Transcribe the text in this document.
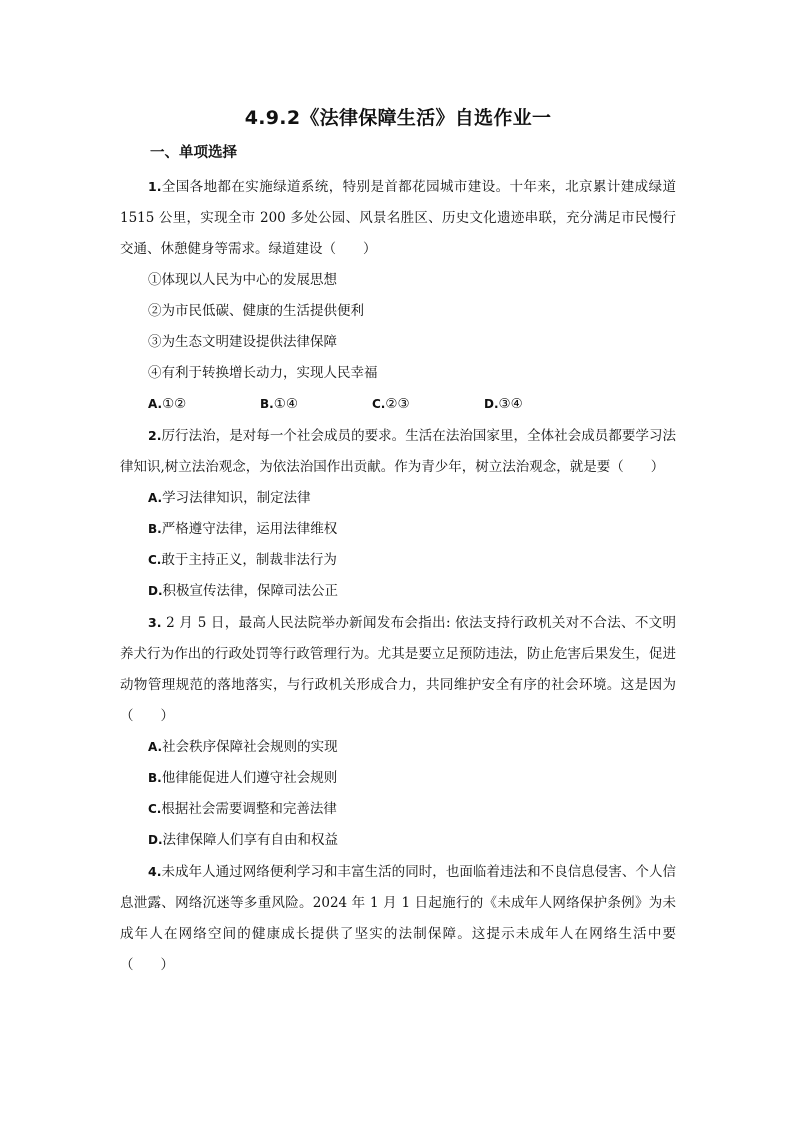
4.9.2《法律保障生活》自选作业一
一、单项选择

1.全国各地都在实施绿道系统，特别是首都花园城市建设。十年来，北京累计建成绿道 1515 公里，实现全市 200 多处公园、风景名胜区、历史文化遗迹串联，充分满足市民慢行交通、休憩健身等需求。绿道建设（　　）

①体现以人民为中心的发展思想

②为市民低碳、健康的生活提供便利

③为生态文明建设提供法律保障

④有利于转换增长动力，实现人民幸福

A.①②	B.①④	C.②③	D.③④

2.厉行法治，是对每一个社会成员的要求。生活在法治国家里，全体社会成员都要学习法律知识,树立法治观念，为依法治国作出贡献。作为青少年，树立法治观念，就是要（　　）

A.学习法律知识，制定法律

B.严格遵守法律，运用法律维权

C.敢于主持正义，制裁非法行为

D.积极宣传法律，保障司法公正

3. 2 月 5 日，最高人民法院举办新闻发布会指出: 依法支持行政机关对不合法、不文明养犬行为作出的行政处罚等行政管理行为。尤其是要立足预防违法，防止危害后果发生，促进动物管理规范的落地落实，与行政机关形成合力，共同维护安全有序的社会环境。这是因为（　　）

A.社会秩序保障社会规则的实现

B.他律能促进人们遵守社会规则

C.根据社会需要调整和完善法律

D.法律保障人们享有自由和权益

4.未成年人通过网络便利学习和丰富生活的同时，也面临着违法和不良信息侵害、个人信息泄露、网络沉迷等多重风险。2024 年 1 月 1 日起施行的《未成年人网络保护条例》为未成年人在网络空间的健康成长提供了坚实的法制保障。这提示未成年人在网络生活中要（　　）
